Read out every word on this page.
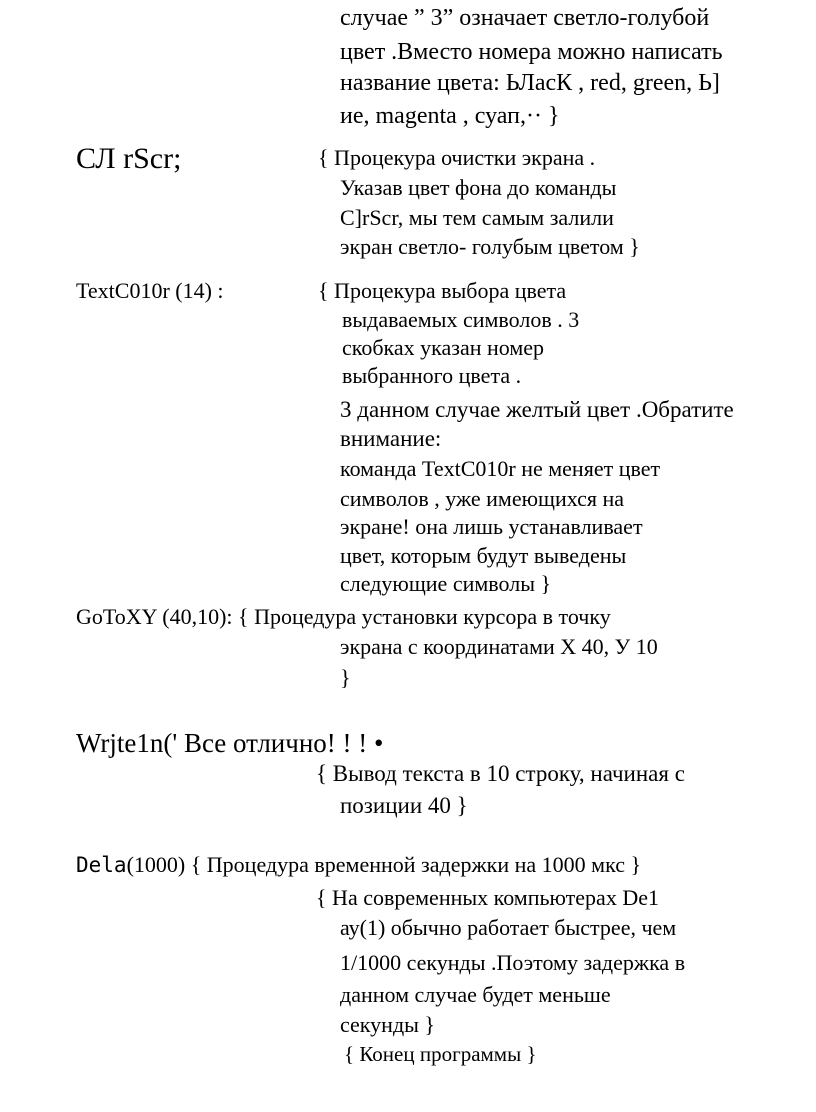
случае ” 3” означает светло-голубой
цвет .Вместо номера можно написать
название цвета: ЬЛасК , red, green, Ь]
ие, magenta , суап,·· }
СЛ rScr;	{ Процекура очистки экрана .
Указав цвет фона до команды
C]rScr, мы тем самым залили
экран светло- голубым цветом }
TextC010r (14) :	{ Процекура выбора цвета
выдаваемых символов . 3
скобках указан номер
выбранного цвета .
3 данном случае желтый цвет .Обратите
внимание:
команда TextC010r не меняет цвет
символов , уже имеющихся на
экране! она лишь устанавливает
цвет, которым будут выведены
следующие символы }
GoToXY (40,10): { Процедура установки курсора в точку
экрана с координатами X 40, У 10
}
Wrjte1n(' Все отлично! ! ! •
{ Вывод текста в 10 строку, начиная с
позиции 40 }
Dela(1000) { Процедура временной задержки на 1000 мкс }
{ На современных компьютерах De1
ау(1) обычно работает быстрее, чем
1/1000 секунды .Поэтому задержка в
данном случае будет меньше
секунды }
{ Конец программы }
